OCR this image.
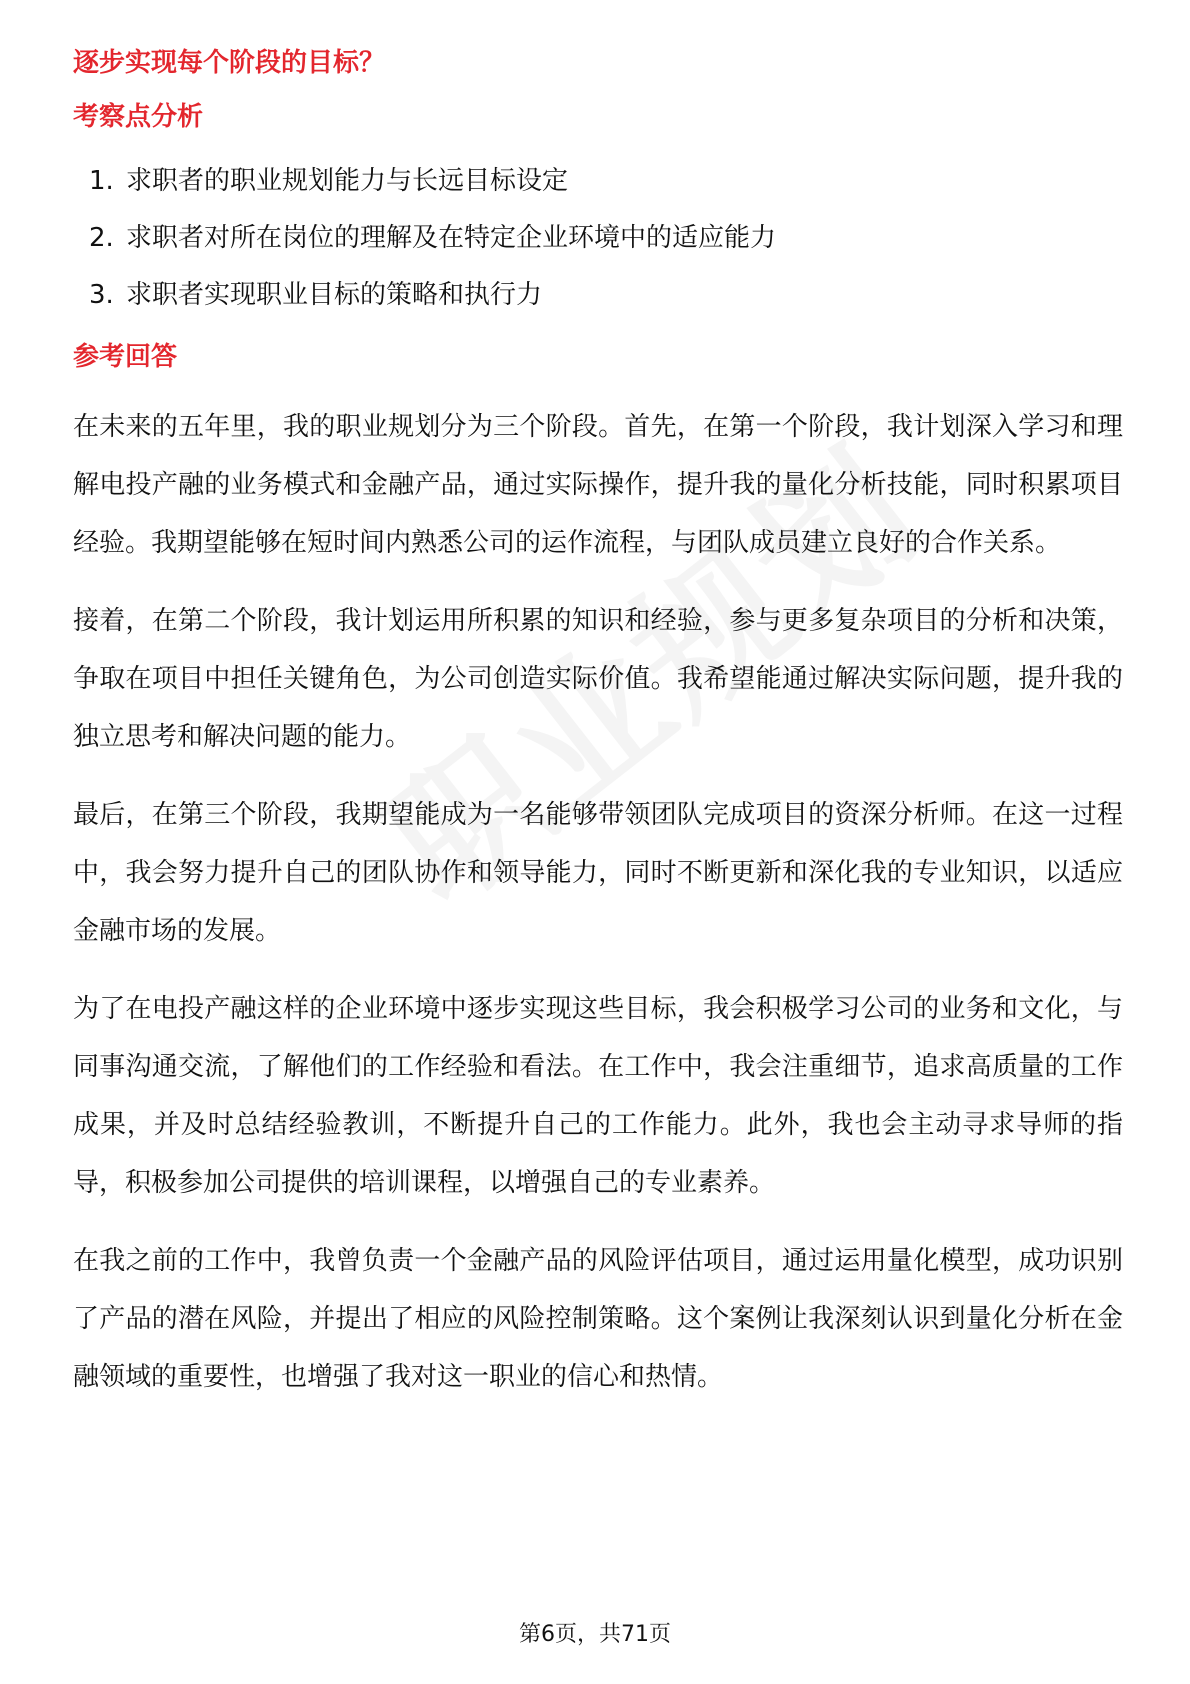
逐步实现每个阶段的目标？

考察点分析

1. 求职者的职业规划能力与长远目标设定
2. 求职者对所在岗位的理解及在特定企业环境中的适应能力
3. 求职者实现职业目标的策略和执行力

参考回答

在未来的五年里，我的职业规划分为三个阶段。首先，在第一个阶段，我计划深入学习和理解电投产融的业务模式和金融产品，通过实际操作，提升我的量化分析技能，同时积累项目经验。我期望能够在短时间内熟悉公司的运作流程，与团队成员建立良好的合作关系。

接着，在第二个阶段，我计划运用所积累的知识和经验，参与更多复杂项目的分析和决策，争取在项目中担任关键角色，为公司创造实际价值。我希望能通过解决实际问题，提升我的独立思考和解决问题的能力。

最后，在第三个阶段，我期望能成为一名能够带领团队完成项目的资深分析师。在这一过程中，我会努力提升自己的团队协作和领导能力，同时不断更新和深化我的专业知识，以适应金融市场的发展。

为了在电投产融这样的企业环境中逐步实现这些目标，我会积极学习公司的业务和文化，与同事沟通交流，了解他们的工作经验和看法。在工作中，我会注重细节，追求高质量的工作成果，并及时总结经验教训，不断提升自己的工作能力。此外，我也会主动寻求导师的指导，积极参加公司提供的培训课程，以增强自己的专业素养。

在我之前的工作中，我曾负责一个金融产品的风险评估项目，通过运用量化模型，成功识别了产品的潜在风险，并提出了相应的风险控制策略。这个案例让我深刻认识到量化分析在金融领域的重要性，也增强了我对这一职业的信心和热情。

第6页，共71页
